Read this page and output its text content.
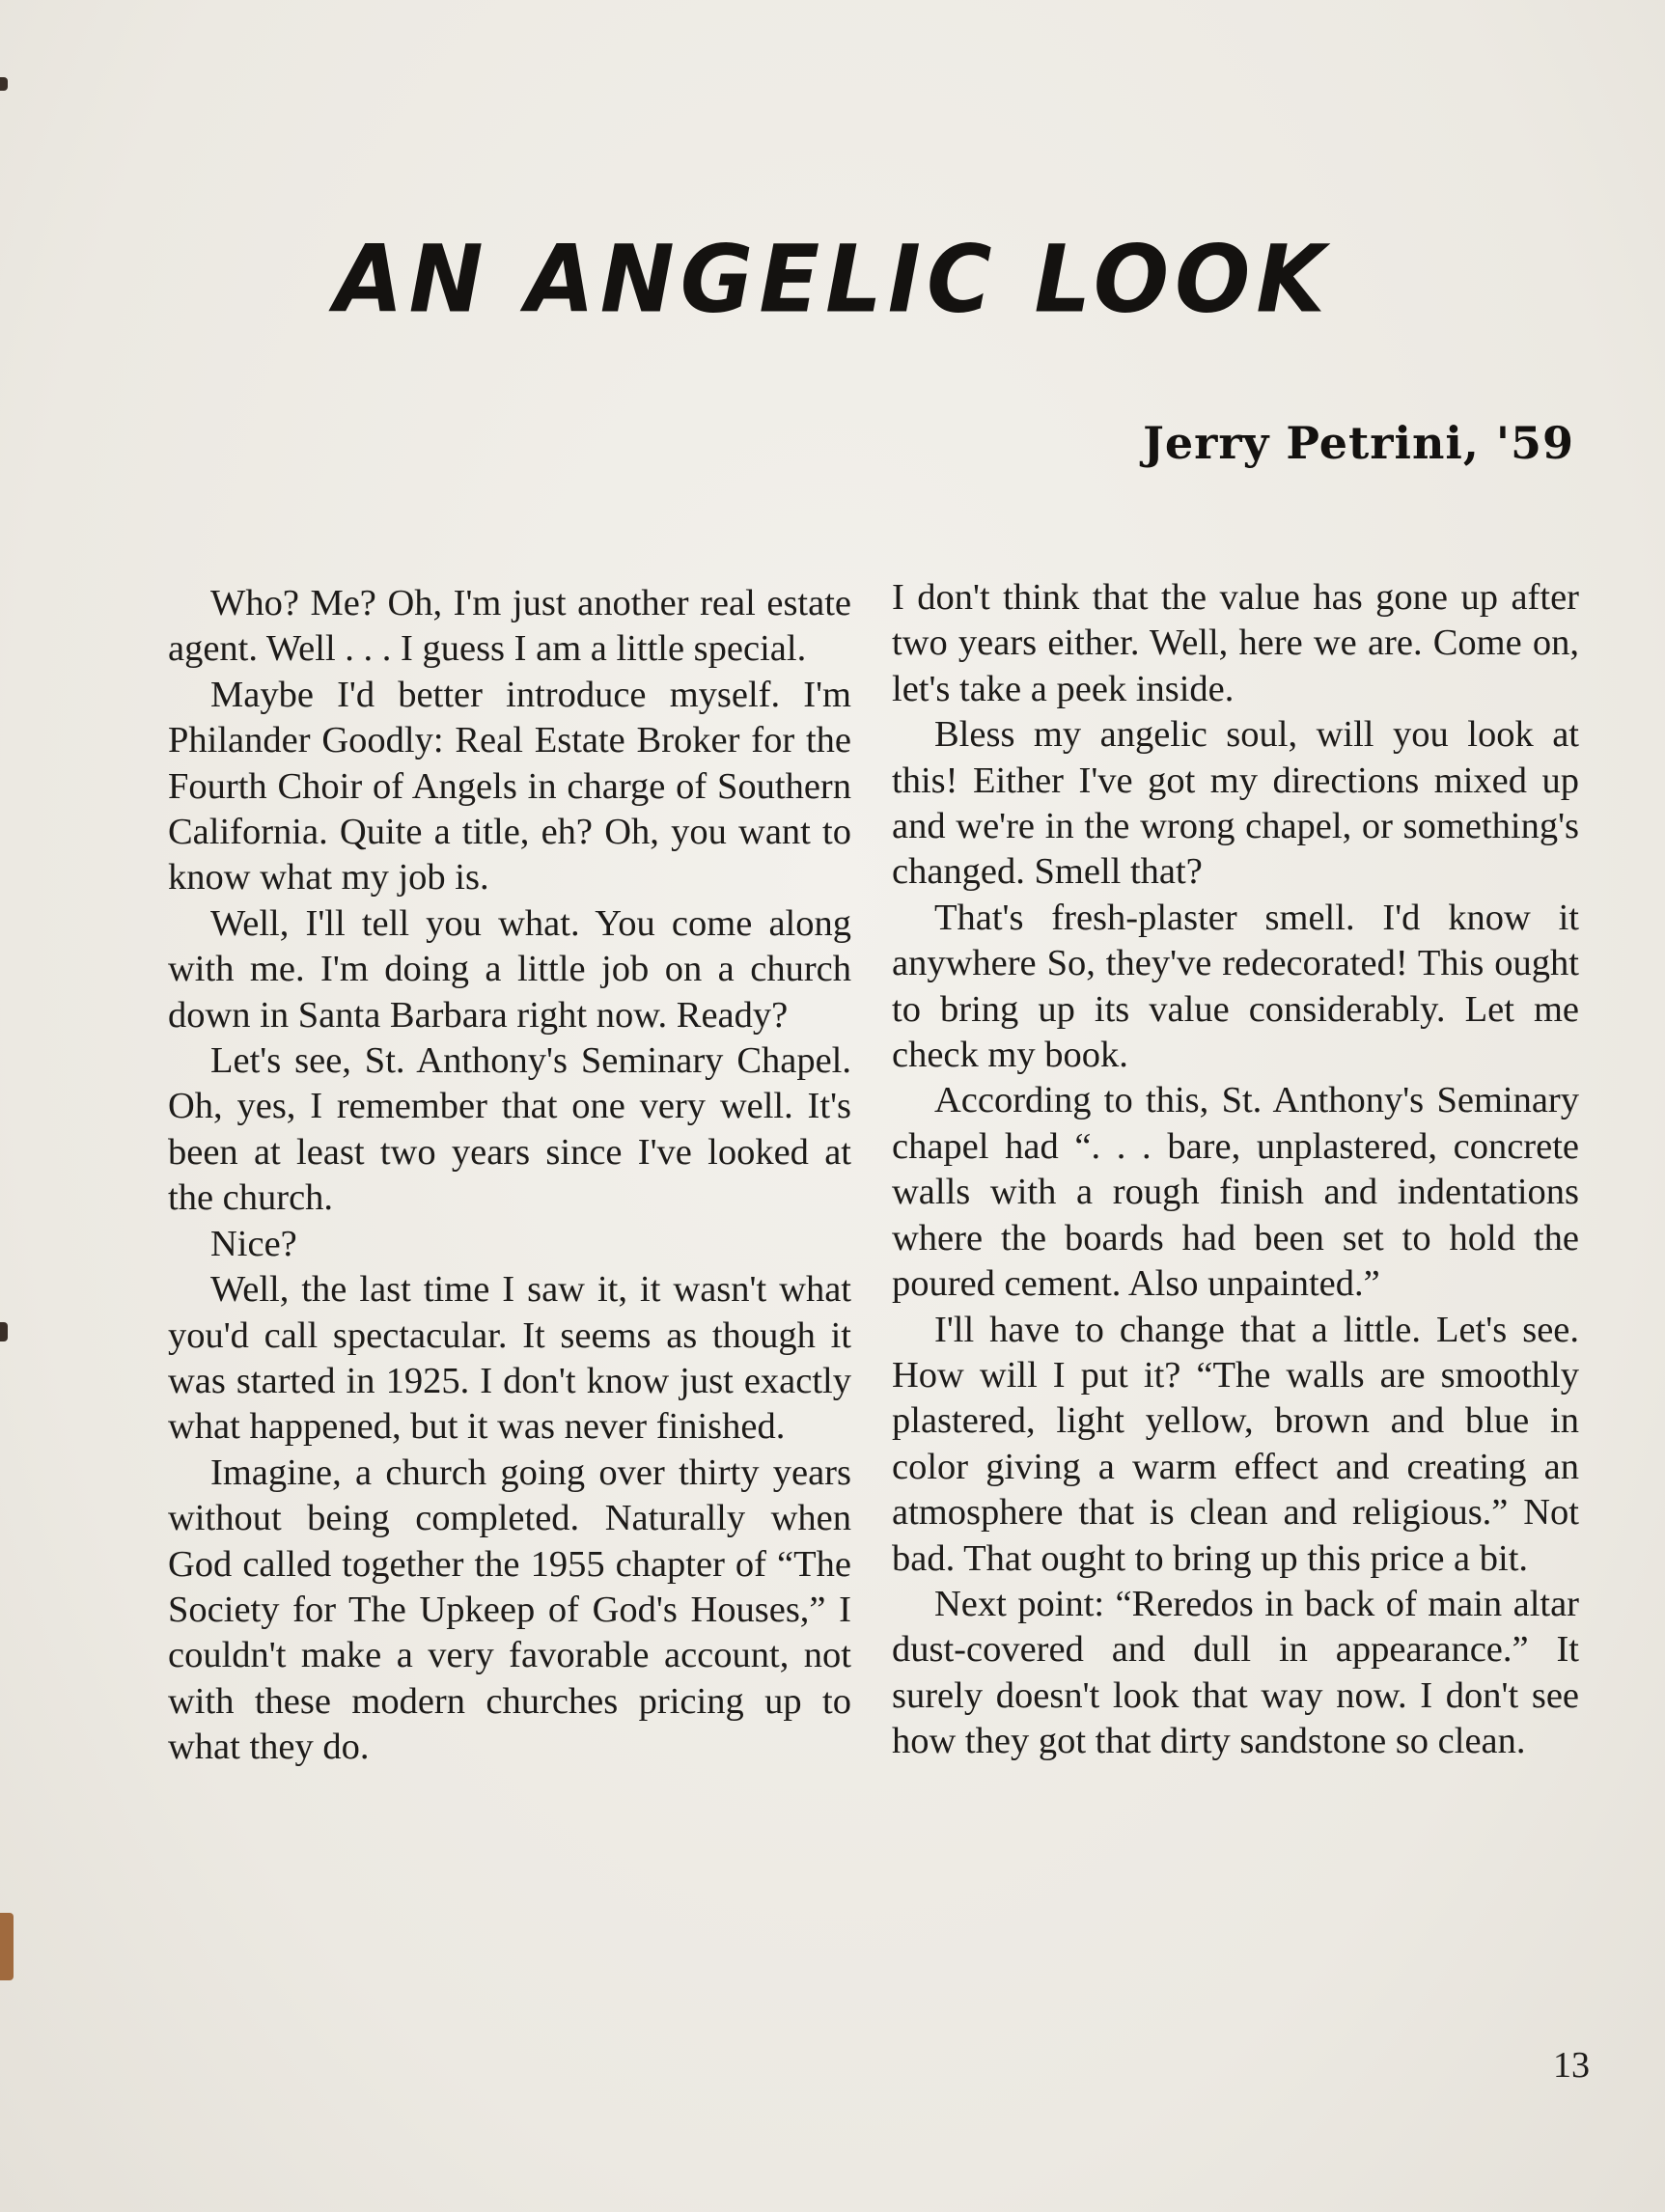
AN ANGELIC LOOK
Jerry Petrini, '59

Who? Me? Oh, I'm just another real estate agent. Well . . . I guess I am a little special.

Maybe I'd better introduce myself. I'm Philander Goodly: Real Estate Broker for the Fourth Choir of Angels in charge of Southern California. Quite a title, eh? Oh, you want to know what my job is.

Well, I'll tell you what. You come along with me. I'm doing a little job on a church down in Santa Barbara right now. Ready?

Let's see, St. Anthony's Seminary Chapel. Oh, yes, I remember that one very well. It's been at least two years since I've looked at the church.

Nice?

Well, the last time I saw it, it wasn't what you'd call spectacular. It seems as though it was started in 1925. I don't know just exactly what happened, but it was never finished.

Imagine, a church going over thirty years without being completed. Naturally when God called together the 1955 chapter of “The Society for The Upkeep of God's Houses,” I couldn't make a very favorable account, not with these modern churches pricing up to what they do.

I don't think that the value has gone up after two years either. Well, here we are. Come on, let's take a peek inside.

Bless my angelic soul, will you look at this! Either I've got my directions mixed up and we're in the wrong chapel, or something's changed. Smell that?

That's fresh-plaster smell. I'd know it anywhere So, they've redecorated! This ought to bring up its value considerably. Let me check my book.

According to this, St. Anthony's Seminary chapel had “. . . bare, unplastered, concrete walls with a rough finish and indentations where the boards had been set to hold the poured cement. Also unpainted.”

I'll have to change that a little. Let's see. How will I put it? “The walls are smoothly plastered, light yellow, brown and blue in color giving a warm effect and creating an atmosphere that is clean and religious.” Not bad. That ought to bring up this price a bit.

Next point: “Reredos in back of main altar dust-covered and dull in appearance.” It surely doesn't look that way now. I don't see how they got that dirty sandstone so clean.

13
